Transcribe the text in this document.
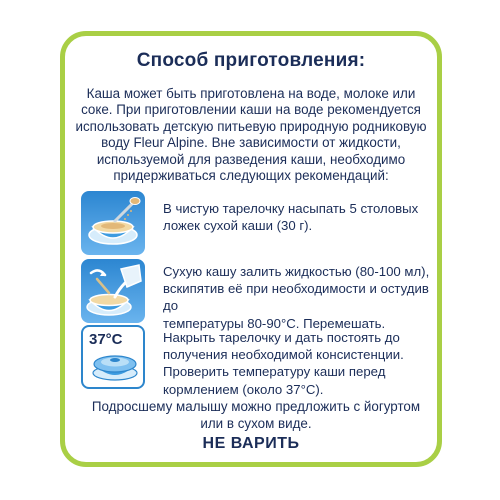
Способ приготовления:
Каша может быть приготовлена на воде, молоке или соке. При приготовлении каши на воде рекомендуется использовать детскую питьевую природную родниковую воду Fleur Alpine. Вне зависимости от жидкости, используемой для разведения каши, необходимо придерживаться следующих рекомендаций:
В чистую тарелочку насыпать 5 столовых
ложек сухой каши (30 г).
Сухую кашу залить жидкостью (80-100 мл),
вскипятив её при необходимости и остудив до
температуры 80-90°С. Перемешать.
37°С	Накрыть тарелочку и дать постоять до
получения необходимой консистенции.
Проверить температуру каши перед
кормлением (около 37°С).
Подросшему малышу можно предложить с йогуртом
или в сухом виде.
НЕ ВАРИТЬ
